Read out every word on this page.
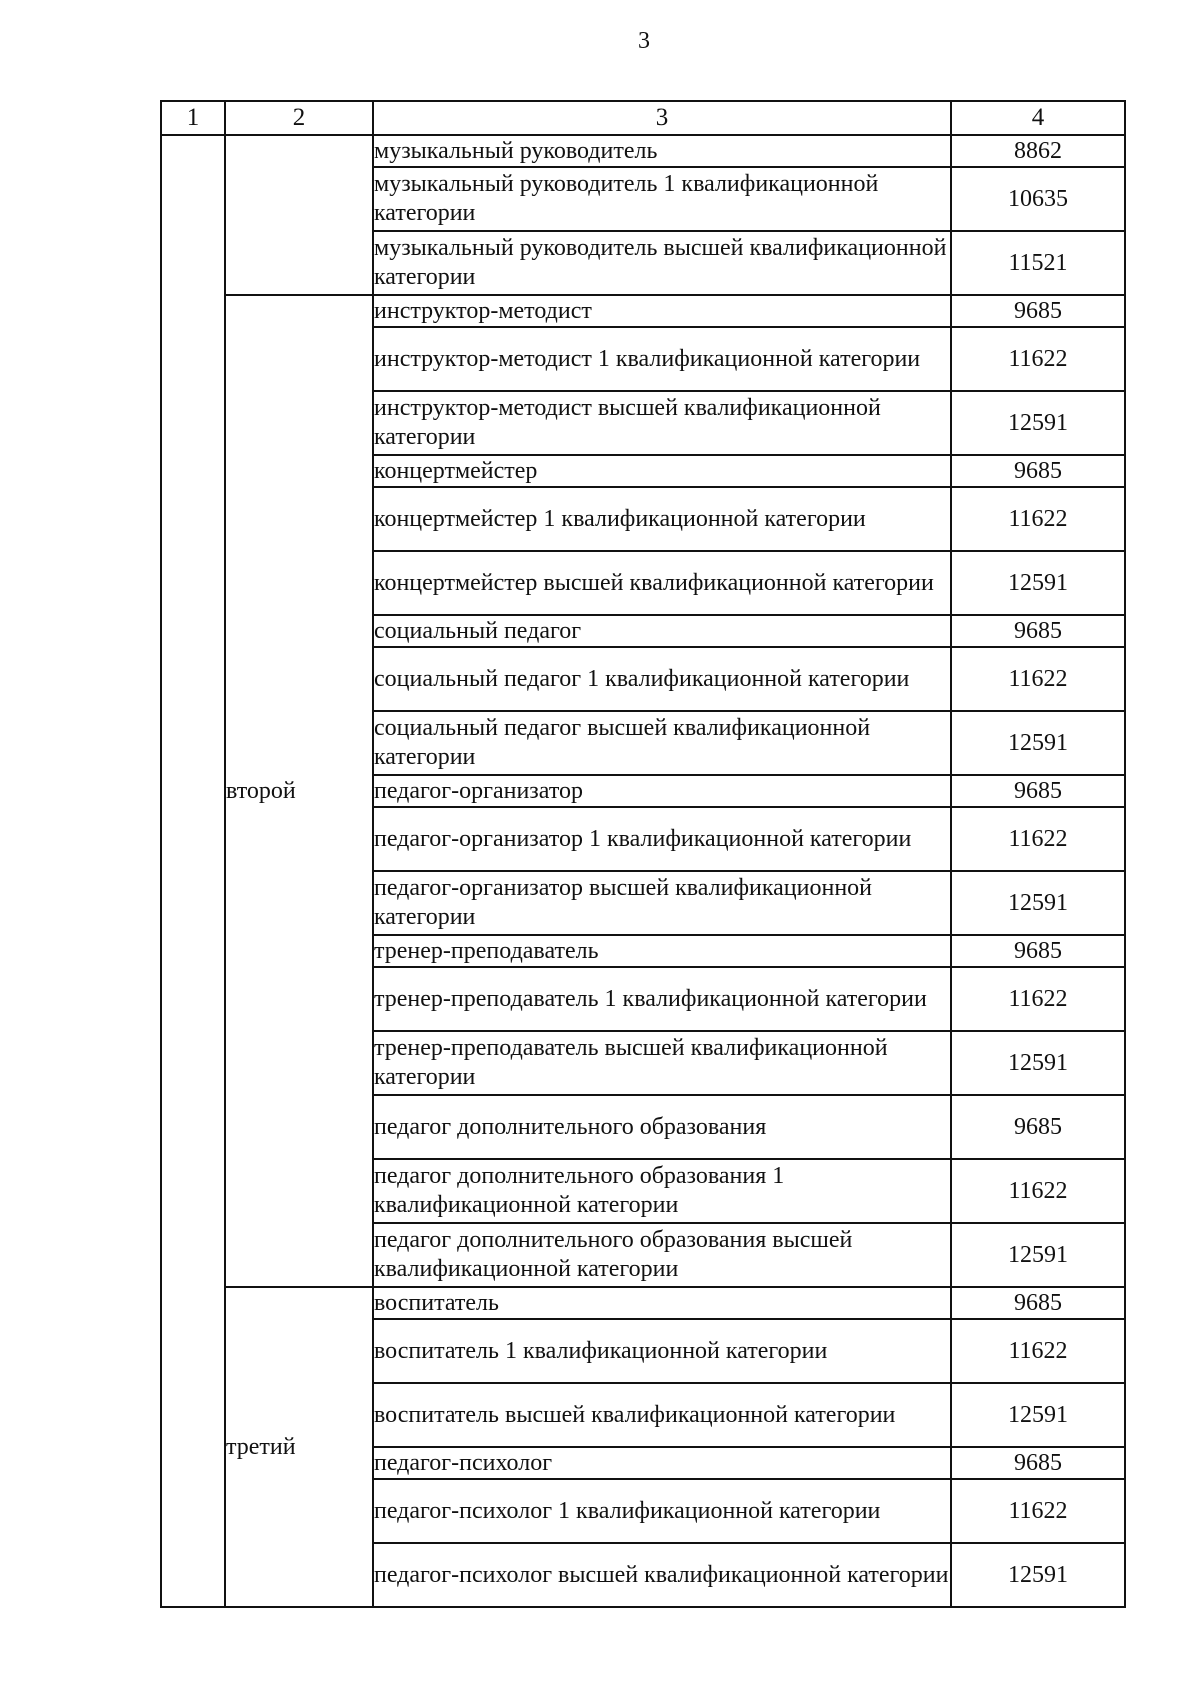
3
1	2	3	4
		музыкальный руководитель	8862
		музыкальный руководитель 1 квалификационной категории	10635
		музыкальный руководитель высшей квалификационной категории	11521
	второй	инструктор-методист	9685
		инструктор-методист 1 квалификационной категории	11622
		инструктор-методист высшей квалификационной категории	12591
		концертмейстер	9685
		концертмейстер 1 квалификационной категории	11622
		концертмейстер высшей квалификационной категории	12591
		социальный педагог	9685
		социальный педагог 1 квалификационной категории	11622
		социальный педагог высшей квалификационной категории	12591
		педагог-организатор	9685
		педагог-организатор 1 квалификационной категории	11622
		педагог-организатор высшей квалификационной категории	12591
		тренер-преподаватель	9685
		тренер-преподаватель 1 квалификационной категории	11622
		тренер-преподаватель высшей квалификационной категории	12591
		педагог дополнительного образования	9685
		педагог дополнительного образования 1 квалификационной категории	11622
		педагог дополнительного образования высшей квалификационной категории	12591
	третий	воспитатель	9685
		воспитатель 1 квалификационной категории	11622
		воспитатель высшей квалификационной категории	12591
		педагог-психолог	9685
		педагог-психолог 1 квалификационной категории	11622
		педагог-психолог высшей квалификационной категории	12591
